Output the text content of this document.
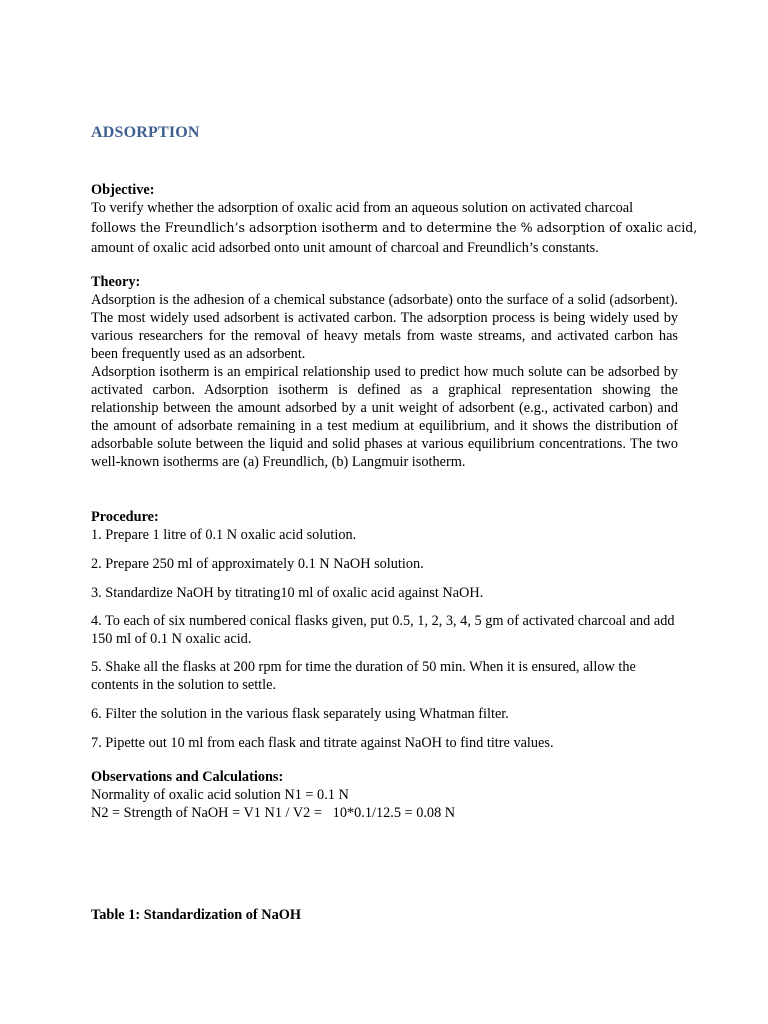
ADSORPTION
Objective:
To verify whether the adsorption of oxalic acid from an aqueous solution on activated charcoal
follows the Freundlich’s adsorption isotherm and to determine the % adsorption of oxalic acid,
amount of oxalic acid adsorbed onto unit amount of charcoal and Freundlich’s constants.
Theory:
Adsorption is the adhesion of a chemical substance (adsorbate) onto the surface of a solid (adsorbent). The most widely used adsorbent is activated carbon. The adsorption process is being widely used by various researchers for the removal of heavy metals from waste streams, and activated carbon has been frequently used as an adsorbent.
Adsorption isotherm is an empirical relationship used to predict how much solute can be adsorbed by activated carbon. Adsorption isotherm is defined as a graphical representation showing the relationship between the amount adsorbed by a unit weight of adsorbent (e.g., activated carbon) and the amount of adsorbate remaining in a test medium at equilibrium, and it shows the distribution of adsorbable solute between the liquid and solid phases at various equilibrium concentrations. The two well-known isotherms are (a) Freundlich, (b) Langmuir isotherm.
Procedure:
1. Prepare 1 litre of 0.1 N oxalic acid solution.
2. Prepare 250 ml of approximately 0.1 N NaOH solution.
3. Standardize NaOH by titrating10 ml of oxalic acid against NaOH.
4. To each of six numbered conical flasks given, put 0.5, 1, 2, 3, 4, 5 gm of activated charcoal and add 150 ml of 0.1 N oxalic acid.
5. Shake all the flasks at 200 rpm for time the duration of 50 min. When it is ensured, allow the contents in the solution to settle.
6. Filter the solution in the various flask separately using Whatman filter.
7. Pipette out 10 ml from each flask and titrate against NaOH to find titre values.
Observations and Calculations:
Normality of oxalic acid solution N1 = 0.1 N
N2 = Strength of NaOH = V1 N1 / V2 =   10*0.1/12.5 = 0.08 N
Table 1: Standardization of NaOH
